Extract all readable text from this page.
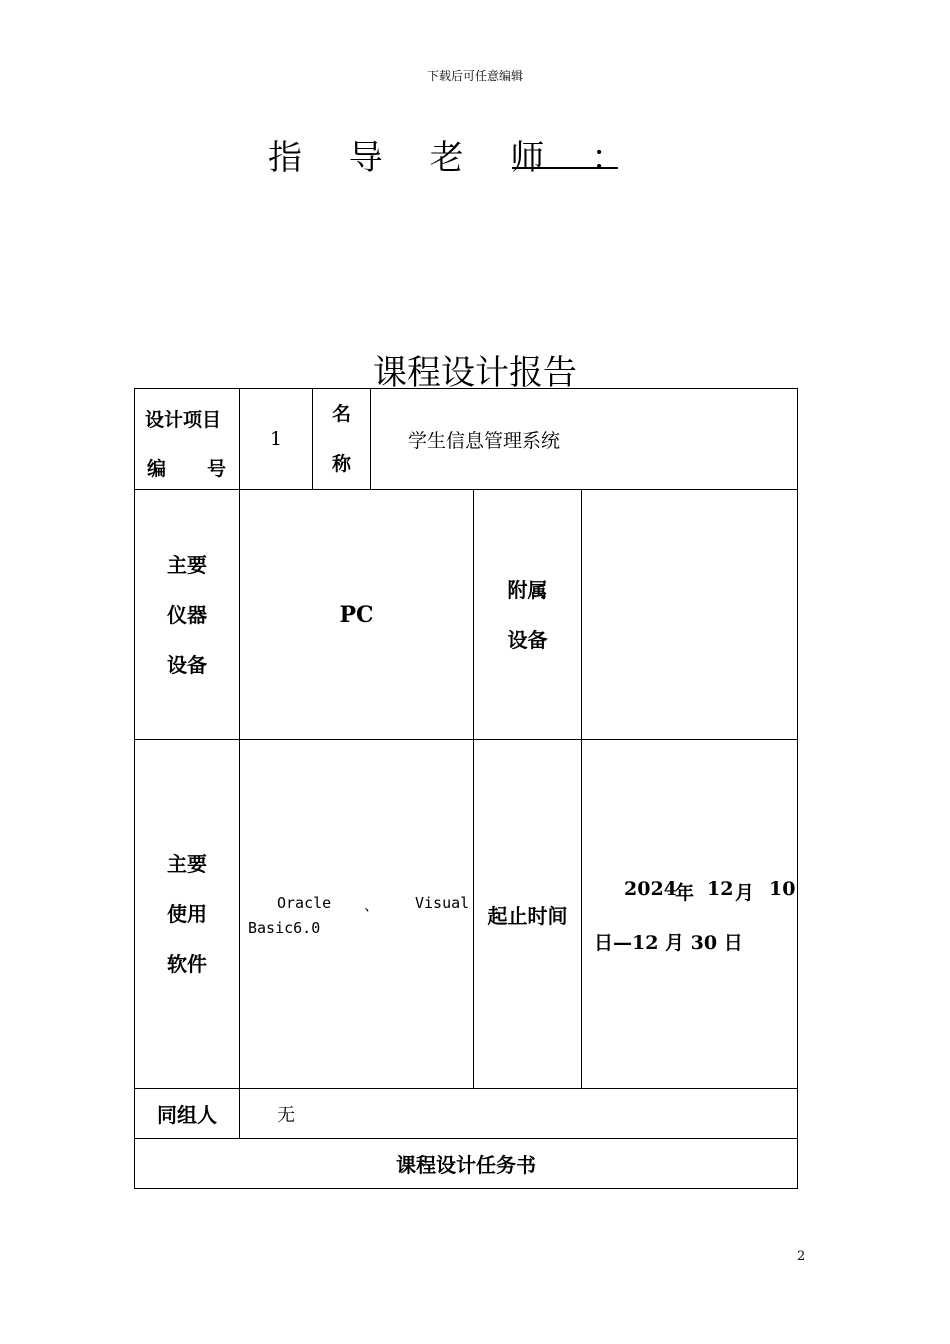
下载后可任意编辑
指 导 老 师 ：
课程设计报告
设计项目
编 号
1
名
称
学生信息管理系统
主要
仪器
设备
PC
附属
设备
主要
使用
软件
Oracle 、 Visual
Basic6.0
起止时间
2024
年 12 月 10
日—12 月 30 日
同组人	无
课程设计任务书
2
